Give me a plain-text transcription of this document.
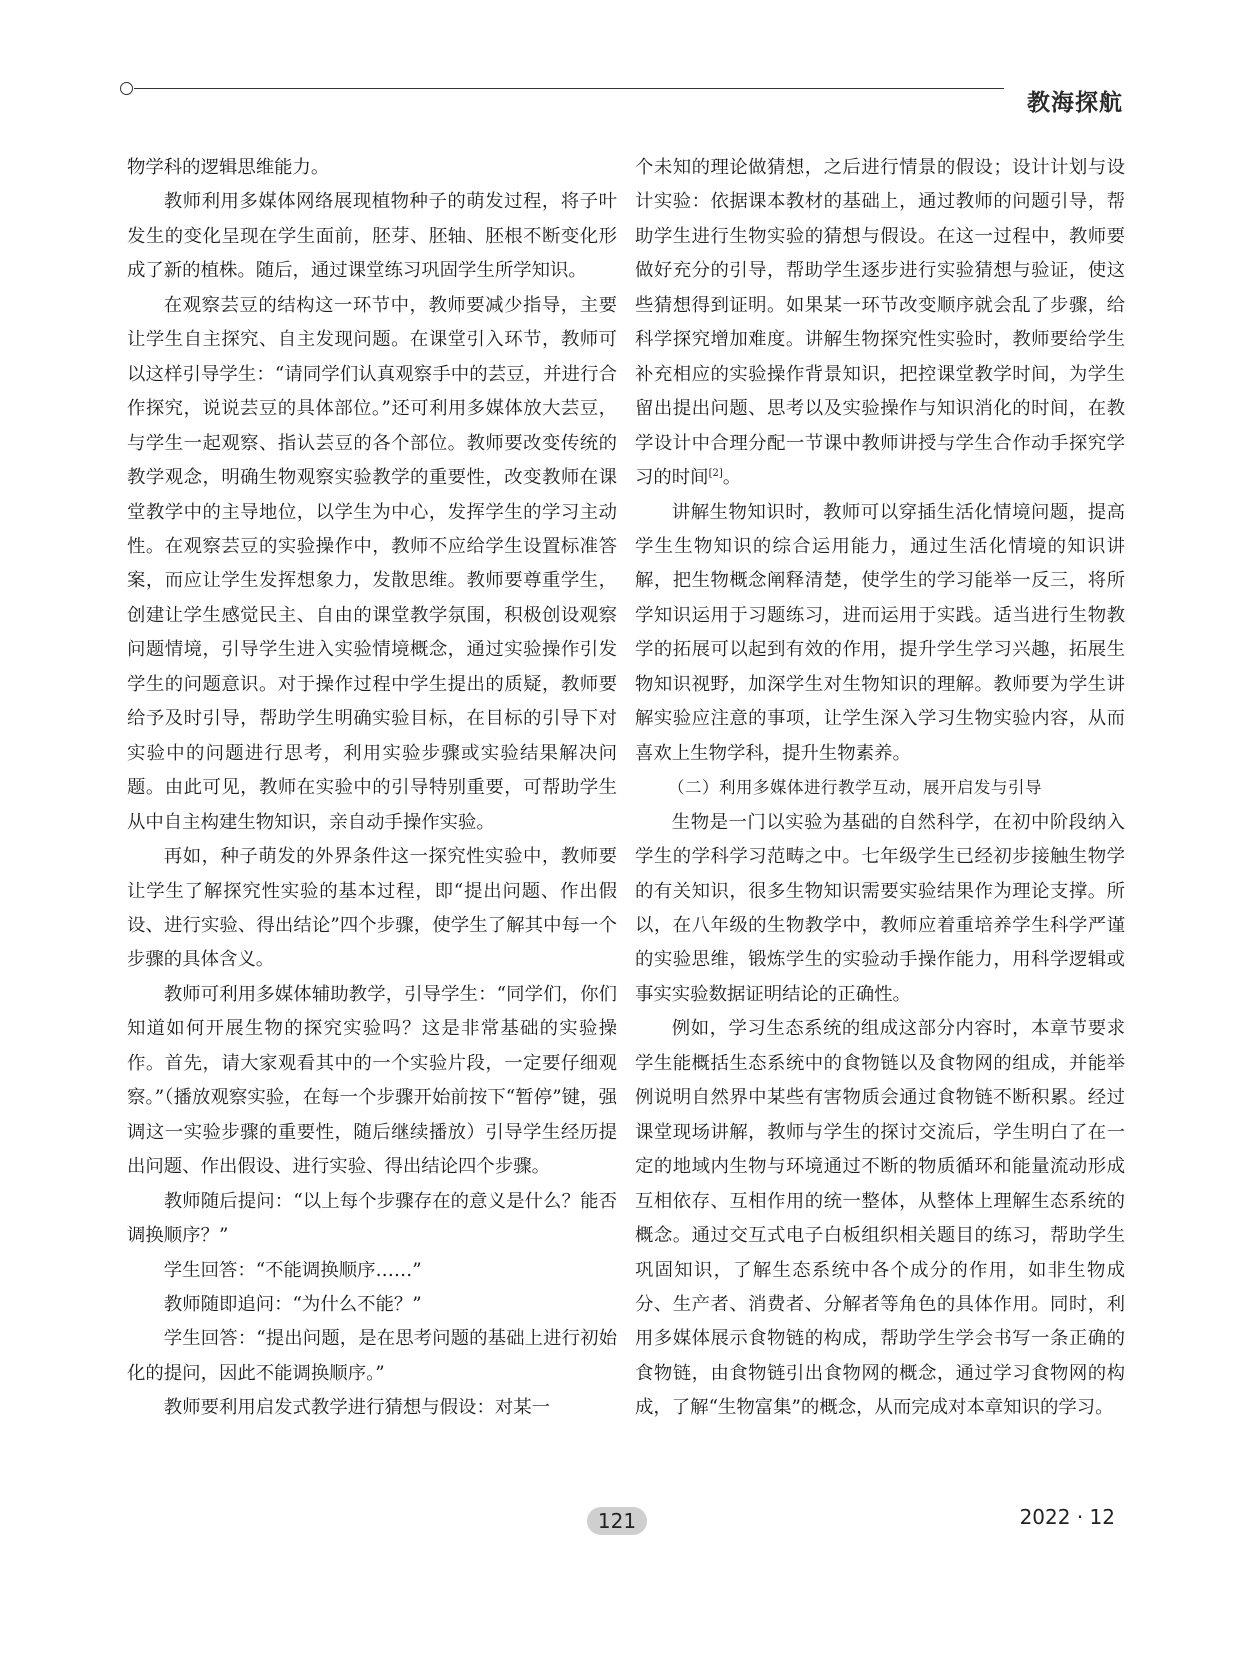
教海探航

物学科的逻辑思维能力。

教师利用多媒体网络展现植物种子的萌发过程，将子叶发生的变化呈现在学生面前，胚芽、胚轴、胚根不断变化形成了新的植株。随后，通过课堂练习巩固学生所学知识。

在观察芸豆的结构这一环节中，教师要减少指导，主要让学生自主探究、自主发现问题。在课堂引入环节，教师可以这样引导学生：“请同学们认真观察手中的芸豆，并进行合作探究，说说芸豆的具体部位。”还可利用多媒体放大芸豆，与学生一起观察、指认芸豆的各个部位。教师要改变传统的教学观念，明确生物观察实验教学的重要性，改变教师在课堂教学中的主导地位，以学生为中心，发挥学生的学习主动性。在观察芸豆的实验操作中，教师不应给学生设置标准答案，而应让学生发挥想象力，发散思维。教师要尊重学生，创建让学生感觉民主、自由的课堂教学氛围，积极创设观察问题情境，引导学生进入实验情境概念，通过实验操作引发学生的问题意识。对于操作过程中学生提出的质疑，教师要给予及时引导，帮助学生明确实验目标，在目标的引导下对实验中的问题进行思考，利用实验步骤或实验结果解决问题。由此可见，教师在实验中的引导特别重要，可帮助学生从中自主构建生物知识，亲自动手操作实验。

再如，种子萌发的外界条件这一探究性实验中，教师要让学生了解探究性实验的基本过程，即“提出问题、作出假设、进行实验、得出结论”四个步骤，使学生了解其中每一个步骤的具体含义。

教师可利用多媒体辅助教学，引导学生：“同学们，你们知道如何开展生物的探究实验吗？这是非常基础的实验操作。首先，请大家观看其中的一个实验片段，一定要仔细观察。”（播放观察实验，在每一个步骤开始前按下“暂停”键，强调这一实验步骤的重要性，随后继续播放）引导学生经历提出问题、作出假设、进行实验、得出结论四个步骤。

教师随后提问：“以上每个步骤存在的意义是什么？能否调换顺序？”

学生回答：“不能调换顺序……”

教师随即追问：“为什么不能？”

学生回答：“提出问题，是在思考问题的基础上进行初始化的提问，因此不能调换顺序。”

教师要利用启发式教学进行猜想与假设：对某一

个未知的理论做猜想，之后进行情景的假设；设计计划与设计实验：依据课本教材的基础上，通过教师的问题引导，帮助学生进行生物实验的猜想与假设。在这一过程中，教师要做好充分的引导，帮助学生逐步进行实验猜想与验证，使这些猜想得到证明。如果某一环节改变顺序就会乱了步骤，给科学探究增加难度。讲解生物探究性实验时，教师要给学生补充相应的实验操作背景知识，把控课堂教学时间，为学生留出提出问题、思考以及实验操作与知识消化的时间，在教学设计中合理分配一节课中教师讲授与学生合作动手探究学习的时间[2]。

讲解生物知识时，教师可以穿插生活化情境问题，提高学生生物知识的综合运用能力，通过生活化情境的知识讲解，把生物概念阐释清楚，使学生的学习能举一反三，将所学知识运用于习题练习，进而运用于实践。适当进行生物教学的拓展可以起到有效的作用，提升学生学习兴趣，拓展生物知识视野，加深学生对生物知识的理解。教师要为学生讲解实验应注意的事项，让学生深入学习生物实验内容，从而喜欢上生物学科，提升生物素养。

（二）利用多媒体进行教学互动，展开启发与引导

生物是一门以实验为基础的自然科学，在初中阶段纳入学生的学科学习范畴之中。七年级学生已经初步接触生物学的有关知识，很多生物知识需要实验结果作为理论支撑。所以，在八年级的生物教学中，教师应着重培养学生科学严谨的实验思维，锻炼学生的实验动手操作能力，用科学逻辑或事实实验数据证明结论的正确性。

例如，学习生态系统的组成这部分内容时，本章节要求学生能概括生态系统中的食物链以及食物网的组成，并能举例说明自然界中某些有害物质会通过食物链不断积累。经过课堂现场讲解，教师与学生的探讨交流后，学生明白了在一定的地域内生物与环境通过不断的物质循环和能量流动形成互相依存、互相作用的统一整体，从整体上理解生态系统的概念。通过交互式电子白板组织相关题目的练习，帮助学生巩固知识，了解生态系统中各个成分的作用，如非生物成分、生产者、消费者、分解者等角色的具体作用。同时，利用多媒体展示食物链的构成，帮助学生学会书写一条正确的食物链，由食物链引出食物网的概念，通过学习食物网的构成，了解“生物富集”的概念，从而完成对本章知识的学习。

121	2022 · 12
